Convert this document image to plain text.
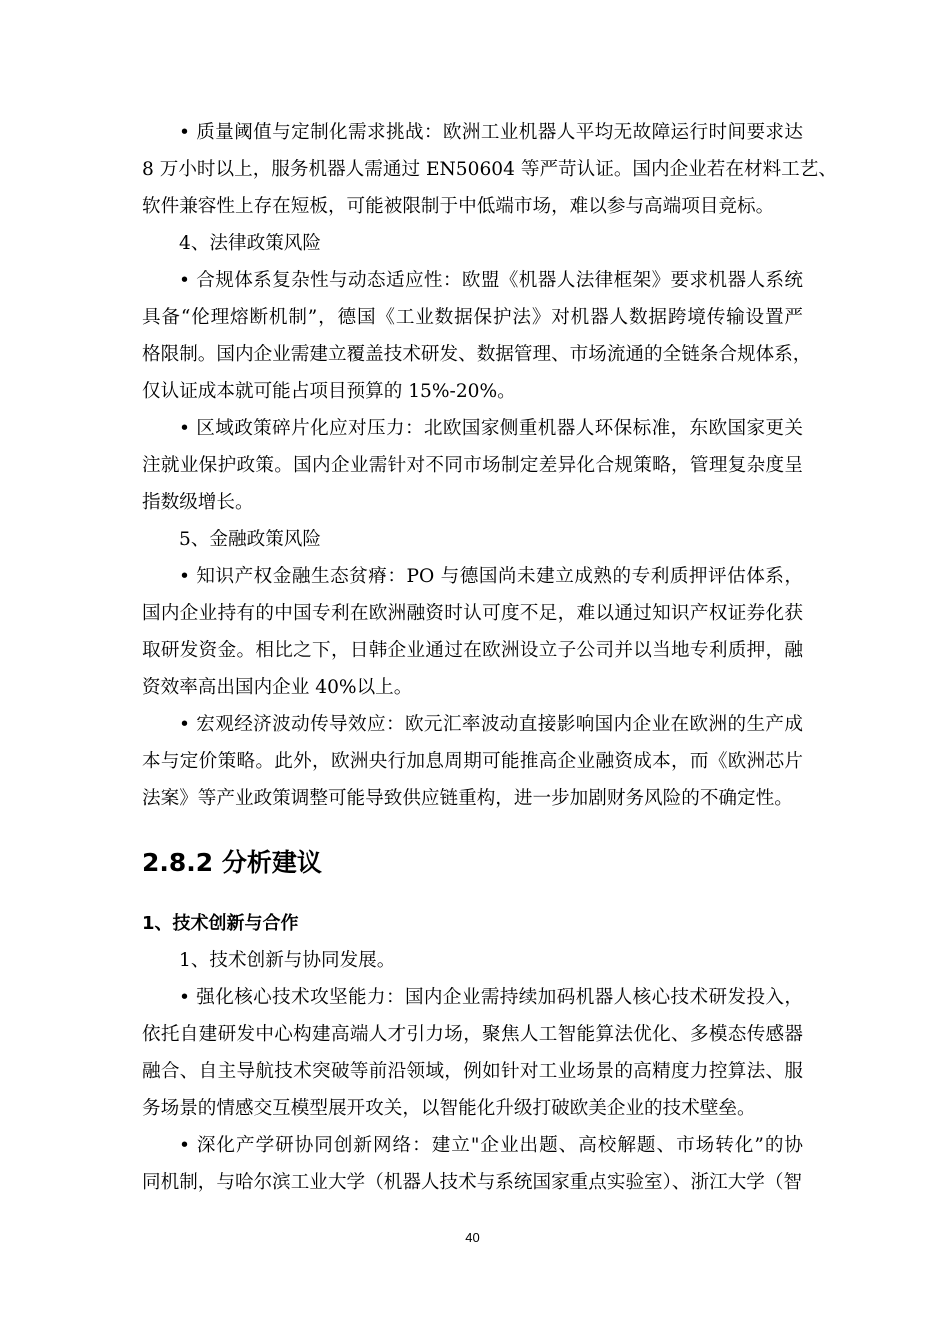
• 质量阈值与定制化需求挑战：欧洲工业机器人平均无故障运行时间要求达
8 万小时以上，服务机器人需通过 EN50604 等严苛认证。国内企业若在材料工艺、
软件兼容性上存在短板，可能被限制于中低端市场，难以参与高端项目竞标。
4、法律政策风险
• 合规体系复杂性与动态适应性：欧盟《机器人法律框架》要求机器人系统
具备“伦理熔断机制”，德国《工业数据保护法》对机器人数据跨境传输设置严
格限制。国内企业需建立覆盖技术研发、数据管理、市场流通的全链条合规体系，
仅认证成本就可能占项目预算的 15%-20%。
• 区域政策碎片化应对压力：北欧国家侧重机器人环保标准，东欧国家更关
注就业保护政策。国内企业需针对不同市场制定差异化合规策略，管理复杂度呈
指数级增长。
5、金融政策风险
• 知识产权金融生态贫瘠：PO 与德国尚未建立成熟的专利质押评估体系，
国内企业持有的中国专利在欧洲融资时认可度不足，难以通过知识产权证券化获
取研发资金。相比之下，日韩企业通过在欧洲设立子公司并以当地专利质押，融
资效率高出国内企业 40%以上。
• 宏观经济波动传导效应：欧元汇率波动直接影响国内企业在欧洲的生产成
本与定价策略。此外，欧洲央行加息周期可能推高企业融资成本，而《欧洲芯片
法案》等产业政策调整可能导致供应链重构，进一步加剧财务风险的不确定性。
2.8.2 分析建议
1、技术创新与合作
1、技术创新与协同发展。
• 强化核心技术攻坚能力：国内企业需持续加码机器人核心技术研发投入，
依托自建研发中心构建高端人才引力场，聚焦人工智能算法优化、多模态传感器
融合、自主导航技术突破等前沿领域，例如针对工业场景的高精度力控算法、服
务场景的情感交互模型展开攻关，以智能化升级打破欧美企业的技术壁垒。
• 深化产学研协同创新网络：建立"企业出题、高校解题、市场转化”的协
同机制，与哈尔滨工业大学（机器人技术与系统国家重点实验室）、浙江大学（智
40
